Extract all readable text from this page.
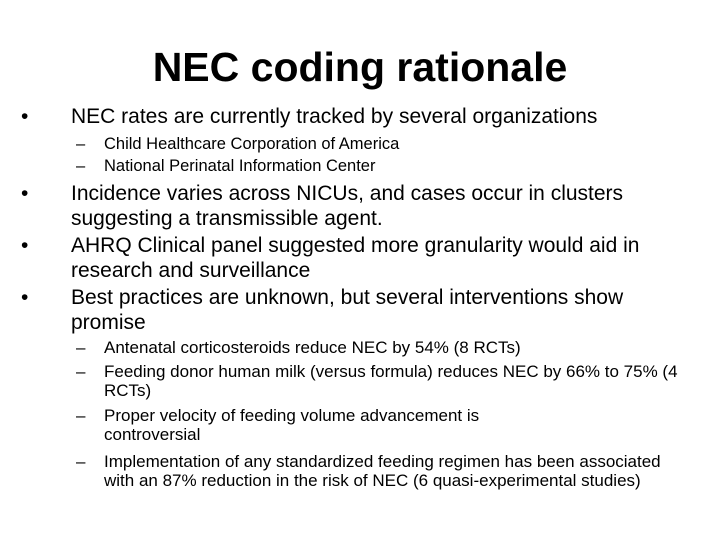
NEC coding rationale
• NEC rates are currently tracked by several organizations
– Child Healthcare Corporation of America
– National Perinatal Information Center
• Incidence varies across NICUs, and cases occur in clusters suggesting a transmissible agent.
• AHRQ Clinical panel suggested more granularity would aid in research and surveillance
• Best practices are unknown, but several interventions show promise
– Antenatal corticosteroids reduce NEC by 54% (8 RCTs)
– Feeding donor human milk (versus formula) reduces NEC by 66% to 75% (4 RCTs)
– Proper velocity of feeding volume advancement is controversial
– Implementation of any standardized feeding regimen has been associated with an 87% reduction in the risk of NEC (6 quasi-experimental studies)
